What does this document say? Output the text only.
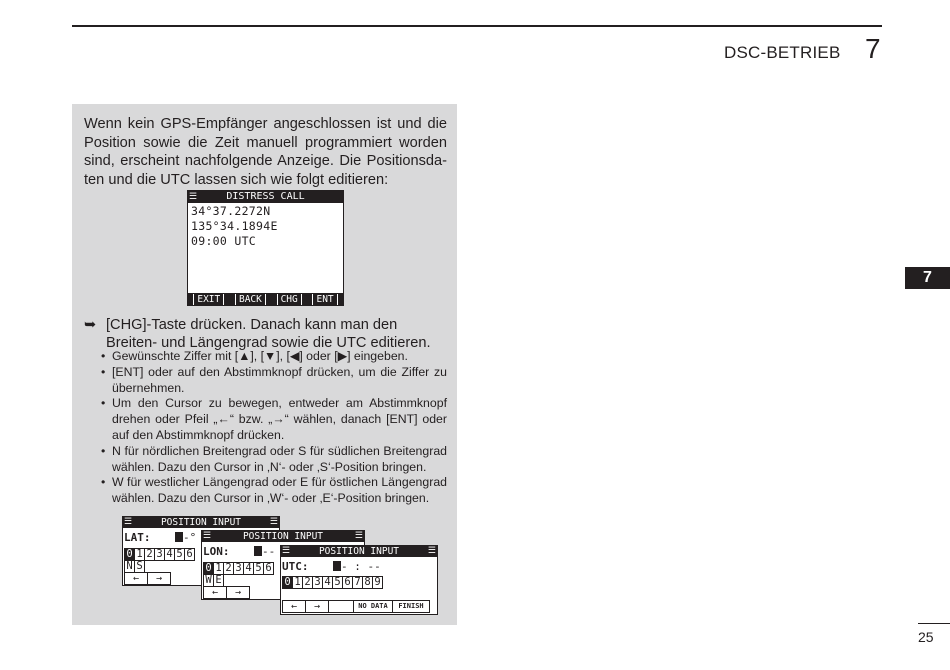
DSC-BETRIEB 7
7
25

Wenn kein GPS-Empfänger angeschlossen ist und die Position sowie die Zeit manuell programmiert worden sind, erscheint nachfolgende Anzeige. Die Positionsda-ten und die UTC lassen sich wie folgt editieren:

☰	DISTRESS CALL
34°37.2272N
135°34.1894E
09:00 UTC
EXIT	BACK	CHG	ENT
➥ [CHG]-Taste drücken. Danach kann man den Breiten- und Längengrad sowie die UTC editieren.
• Gewünschte Ziffer mit [▲], [▼], [◀] oder [▶] eingeben.
• [ENT] oder auf den Abstimmknopf drücken, um die Ziffer zu übernehmen.
• Um den Cursor zu bewegen, entweder am Abstimmknopf drehen oder Pfeil „←“ bzw. „→“ wählen, danach [ENT] oder auf den Abstimmknopf drücken.
• N für nördlichen Breitengrad oder S für südlichen Breitengrad wählen. Dazu den Cursor in ‚N‘- oder ‚S‘-Position bringen.
• W für westlicher Längengrad oder E für östlichen Längengrad wählen. Dazu den Cursor in ‚W‘- oder ‚E‘-Position bringen.
☰	POSITION INPUT	☰
LAT:	-°
0 1 2 3 4 5 6
N S
←	→
☰	POSITION INPUT	☰
LON:	--
0 1 2 3 4 5 6
W E
←	→
☰	POSITION INPUT	☰
UTC:	- : --
0 1 2 3 4 5 6 7 8 9
←	→	NO DATA	FINISH
